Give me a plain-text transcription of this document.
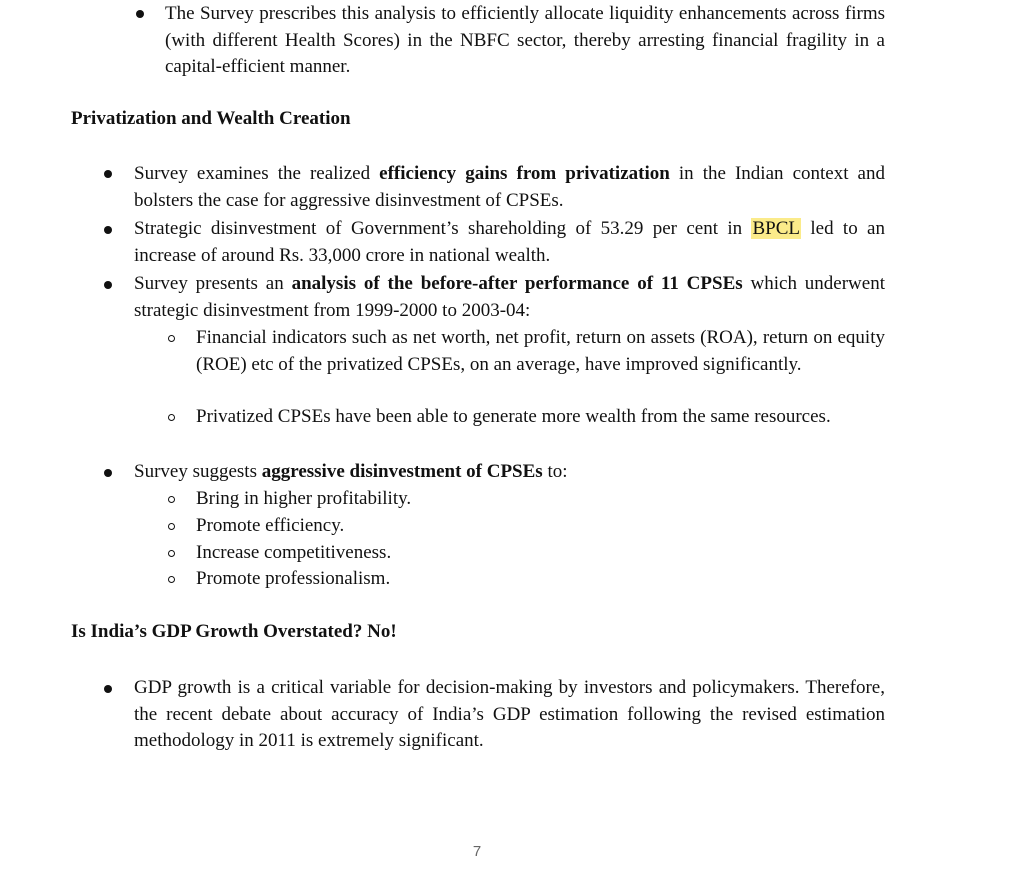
The Survey prescribes this analysis to efficiently allocate liquidity enhancements across firms (with different Health Scores) in the NBFC sector, thereby arresting financial fragility in a capital-efficient manner.
Privatization and Wealth Creation
Survey examines the realized efficiency gains from privatization in the Indian context and bolsters the case for aggressive disinvestment of CPSEs.
Strategic disinvestment of Government’s shareholding of 53.29 per cent in BPCL led to an increase of around Rs. 33,000 crore in national wealth.
Survey presents an analysis of the before-after performance of 11 CPSEs which underwent strategic disinvestment from 1999-2000 to 2003-04:
Financial indicators such as net worth, net profit, return on assets (ROA), return on equity (ROE) etc of the privatized CPSEs, on an average, have improved significantly.
Privatized CPSEs have been able to generate more wealth from the same resources.
Survey suggests aggressive disinvestment of CPSEs to:
Bring in higher profitability.
Promote efficiency.
Increase competitiveness.
Promote professionalism.
Is India’s GDP Growth Overstated? No!
GDP growth is a critical variable for decision-making by investors and policymakers. Therefore, the recent debate about accuracy of India’s GDP estimation following the revised estimation methodology in 2011 is extremely significant.
7
